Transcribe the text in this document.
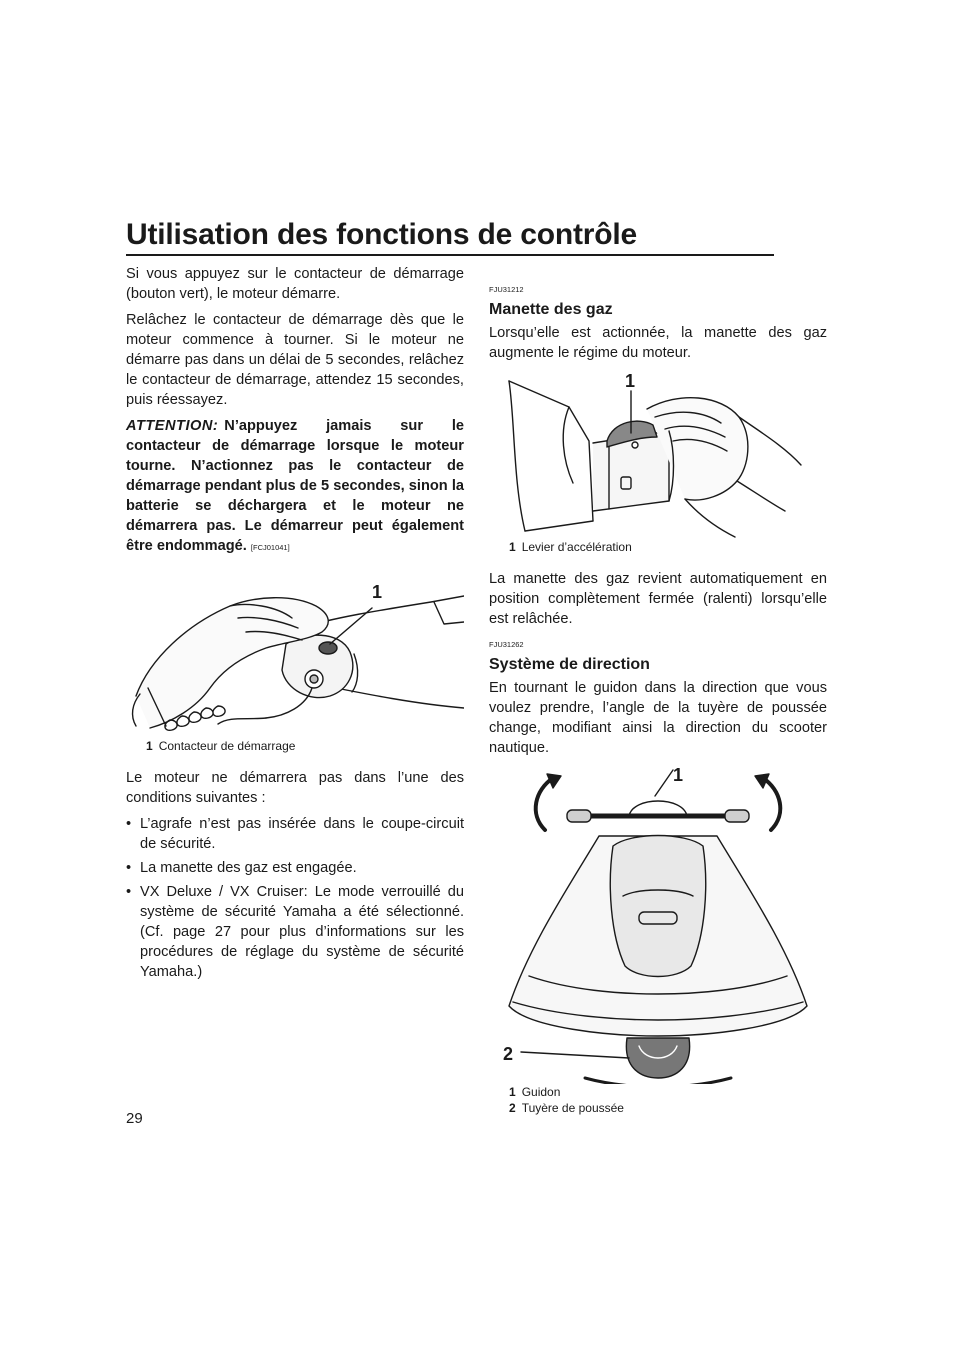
Utilisation des fonctions de contrôle

Si vous appuyez sur le contacteur de démarrage (bouton vert), le moteur démarre.

Relâchez le contacteur de démarrage dès que le moteur commence à tourner. Si le moteur ne démarre pas dans un délai de 5 secondes, relâchez le contacteur de démarrage, attendez 15 secondes, puis réessayez.

ATTENTION: N’appuyez jamais sur le contacteur de démarrage lorsque le moteur tourne. N’actionnez pas le contacteur de démarrage pendant plus de 5 secondes, sinon la batterie se déchargera et le moteur ne démarrera pas. Le démarreur peut également être endommagé. [FCJ01041]

1
1 Contacteur de démarrage

Le moteur ne démarrera pas dans l’une des conditions suivantes :

• L’agrafe n’est pas insérée dans le coupe-circuit de sécurité.
• La manette des gaz est engagée.
• VX Deluxe / VX Cruiser: Le mode verrouillé du système de sécurité Yamaha a été sélectionné. (Cf. page 27 pour plus d’informations sur les procédures de réglage du système de sécurité Yamaha.)
FJU31212
Manette des gaz

Lorsqu’elle est actionnée, la manette des gaz augmente le régime du moteur.

1
1 Levier d’accélération

La manette des gaz revient automatiquement en position complètement fermée (ralenti) lorsqu’elle est relâchée.

FJU31262
Système de direction

En tournant le guidon dans la direction que vous voulez prendre, l’angle de la tuyère de poussée change, modifiant ainsi la direction du scooter nautique.

1
2
1 Guidon
2 Tuyère de poussée
29
